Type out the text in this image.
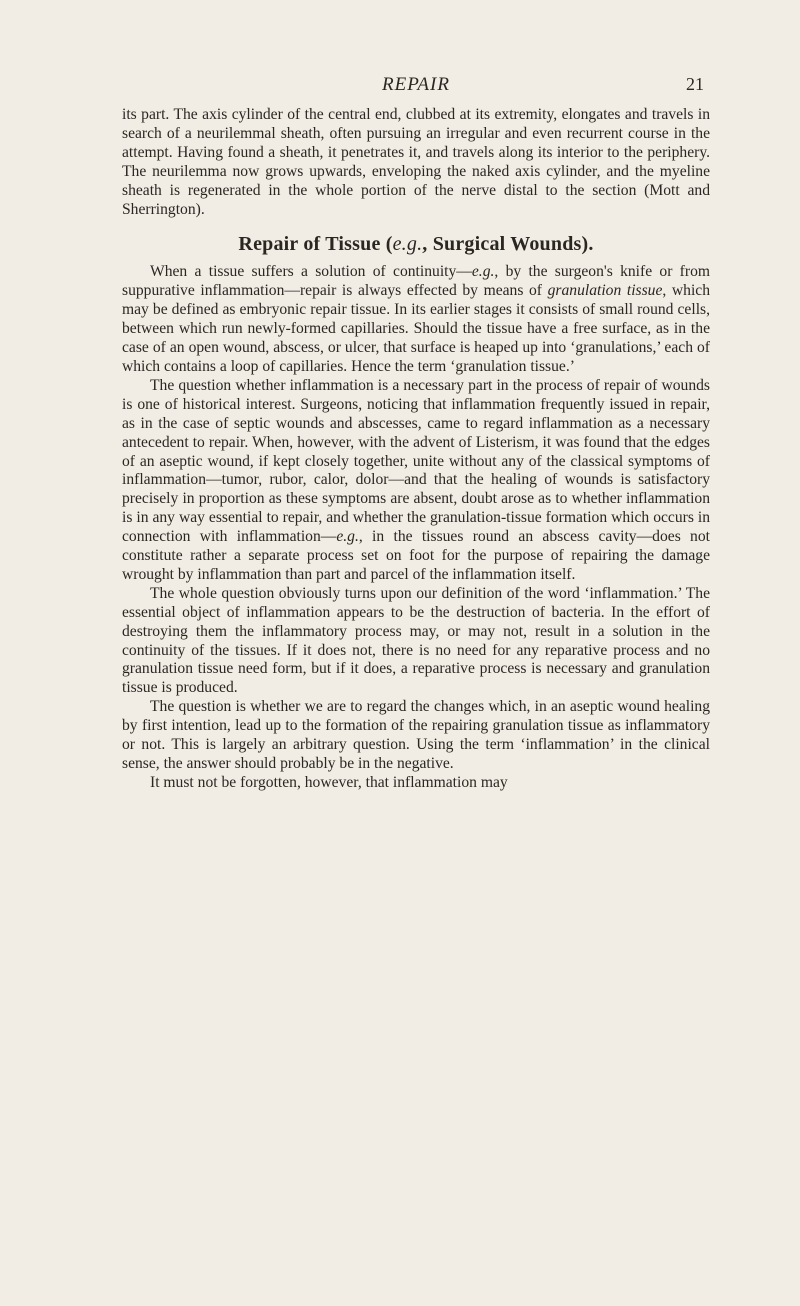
REPAIR	21

its part. The axis cylinder of the central end, clubbed at its extremity, elongates and travels in search of a neurilemmal sheath, often pursuing an irregular and even recurrent course in the attempt. Having found a sheath, it penetrates it, and travels along its interior to the periphery. The neurilemma now grows upwards, enveloping the naked axis cylinder, and the myeline sheath is regenerated in the whole portion of the nerve distal to the section (Mott and Sherrington).

Repair of Tissue (e.g., Surgical Wounds).

When a tissue suffers a solution of continuity—e.g., by the surgeon's knife or from suppurative inflammation—repair is always effected by means of granulation tissue, which may be defined as embryonic repair tissue. In its earlier stages it consists of small round cells, between which run newly-formed capillaries. Should the tissue have a free surface, as in the case of an open wound, abscess, or ulcer, that surface is heaped up into ‘granulations,’ each of which contains a loop of capillaries. Hence the term ‘granulation tissue.’

The question whether inflammation is a necessary part in the process of repair of wounds is one of historical interest. Surgeons, noticing that inflammation frequently issued in repair, as in the case of septic wounds and abscesses, came to regard inflammation as a necessary antecedent to repair. When, however, with the advent of Listerism, it was found that the edges of an aseptic wound, if kept closely together, unite without any of the classical symptoms of inflammation—tumor, rubor, calor, dolor—and that the healing of wounds is satisfactory precisely in proportion as these symptoms are absent, doubt arose as to whether inflammation is in any way essential to repair, and whether the granulation-tissue formation which occurs in connection with inflammation—e.g., in the tissues round an abscess cavity—does not constitute rather a separate process set on foot for the purpose of repairing the damage wrought by inflammation than part and parcel of the inflammation itself.

The whole question obviously turns upon our definition of the word ‘inflammation.’ The essential object of inflammation appears to be the destruction of bacteria. In the effort of destroying them the inflammatory process may, or may not, result in a solution in the continuity of the tissues. If it does not, there is no need for any reparative process and no granulation tissue need form, but if it does, a reparative process is necessary and granulation tissue is produced.

The question is whether we are to regard the changes which, in an aseptic wound healing by first intention, lead up to the formation of the repairing granulation tissue as inflammatory or not. This is largely an arbitrary question. Using the term ‘inflammation’ in the clinical sense, the answer should probably be in the negative.

It must not be forgotten, however, that inflammation may
